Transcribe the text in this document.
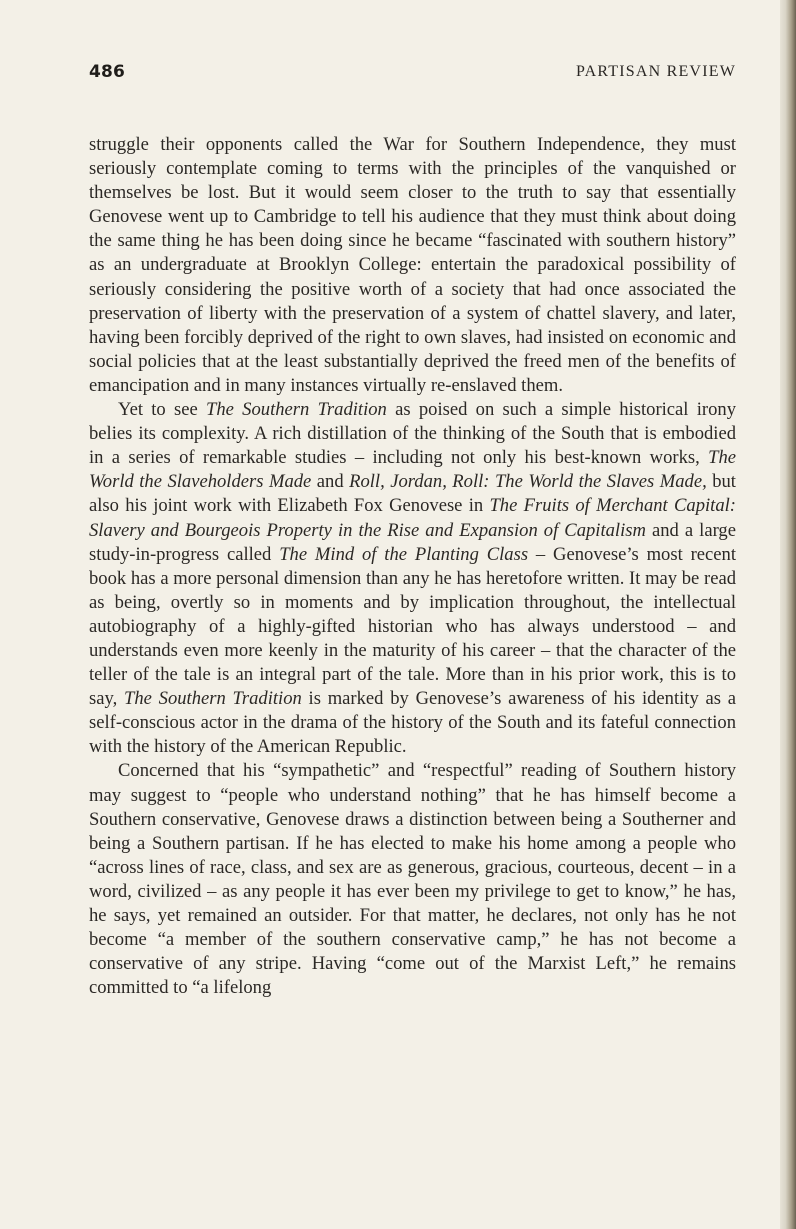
486	PARTISAN REVIEW

struggle their opponents called the War for Southern Independence, they must seriously contemplate coming to terms with the principles of the vanquished or themselves be lost. But it would seem closer to the truth to say that essentially Genovese went up to Cambridge to tell his audience that they must think about doing the same thing he has been doing since he became “fascinated with southern history” as an undergraduate at Brooklyn College: entertain the paradoxical possibility of seriously considering the positive worth of a society that had once associated the preservation of liberty with the preservation of a system of chattel slavery, and later, having been forcibly deprived of the right to own slaves, had insisted on economic and social policies that at the least substantially deprived the freed men of the benefits of emancipation and in many instances virtually re-enslaved them.

Yet to see The Southern Tradition as poised on such a simple historical irony belies its complexity. A rich distillation of the thinking of the South that is embodied in a series of remarkable studies – including not only his best-known works, The World the Slaveholders Made and Roll, Jordan, Roll: The World the Slaves Made, but also his joint work with Elizabeth Fox Genovese in The Fruits of Merchant Capital: Slavery and Bourgeois Property in the Rise and Expansion of Capitalism and a large study-in-progress called The Mind of the Planting Class – Genovese’s most recent book has a more personal dimension than any he has heretofore written. It may be read as being, overtly so in moments and by implication throughout, the intellectual autobiography of a highly-gifted historian who has always understood – and understands even more keenly in the maturity of his career – that the character of the teller of the tale is an integral part of the tale. More than in his prior work, this is to say, The Southern Tradition is marked by Genovese’s awareness of his identity as a self-conscious actor in the drama of the history of the South and its fateful connection with the history of the American Republic.

Concerned that his “sympathetic” and “respectful” reading of Southern history may suggest to “people who understand nothing” that he has himself become a Southern conservative, Genovese draws a distinction between being a Southerner and being a Southern partisan. If he has elected to make his home among a people who “across lines of race, class, and sex are as generous, gracious, courteous, decent – in a word, civilized – as any people it has ever been my privilege to get to know,” he has, he says, yet remained an outsider. For that matter, he declares, not only has he not become “a member of the southern conservative camp,” he has not become a conservative of any stripe. Having “come out of the Marxist Left,” he remains committed to “a lifelong
